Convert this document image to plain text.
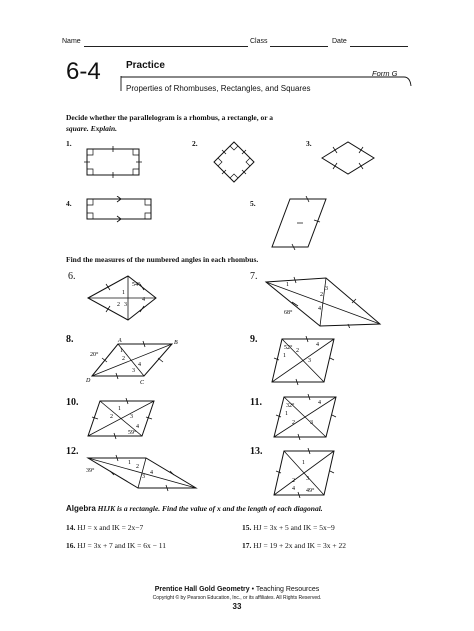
Name	Class	Date
6-4	Practice
Form G
Properties of Rhombuses, Rectangles, and Squares
Decide whether the parallelogram is a rhombus, a rectangle, or a
square. Explain.
1.	2.	3.
4.	5.
Find the measures of the numbered angles in each rhombus.
6.	7.
8.	9.
10.	11.
12.	13.
54°
1
2 3
4
68°
1
2
3
4
20°
A	B
C
D
1
2
3
4
52°
1
2
3
4
1
2	3
4
59°
32°
1
2	3
4
39°
1
2
3
4
1
2 3
4 49°
Algebra HIJK is a rectangle. Find the value of x and the length of each diagonal.
14. HJ = x and IK = 2x−7	15. HJ = 3x + 5 and IK = 5x−9
16. HJ = 3x + 7 and IK = 6x − 11	17. HJ = 19 + 2x and IK = 3x + 22
Prentice Hall Gold Geometry • Teaching Resources
Copyright © by Pearson Education, Inc., or its affiliates. All Rights Reserved.
33
